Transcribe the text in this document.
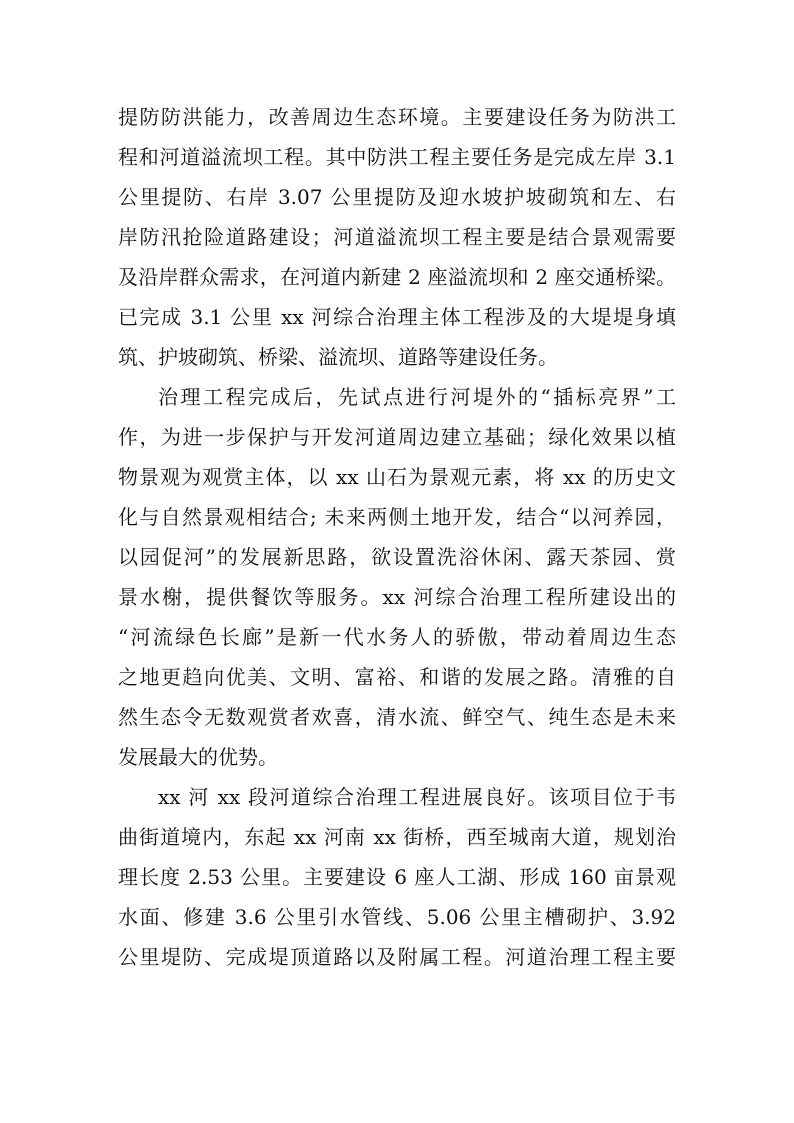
提防防洪能力，改善周边生态环境。主要建设任务为防洪工
程和河道溢流坝工程。其中防洪工程主要任务是完成左岸 3.1
公里提防、右岸 3.07 公里提防及迎水坡护坡砌筑和左、右
岸防汛抢险道路建设；河道溢流坝工程主要是结合景观需要
及沿岸群众需求，在河道内新建 2 座溢流坝和 2 座交通桥梁。
已完成 3.1 公里 xx 河综合治理主体工程涉及的大堤堤身填
筑、护坡砌筑、桥梁、溢流坝、道路等建设任务。
治理工程完成后，先试点进行河堤外的“插标亮界”工
作，为进一步保护与开发河道周边建立基础；绿化效果以植
物景观为观赏主体，以 xx 山石为景观元素，将 xx 的历史文
化与自然景观相结合; 未来两侧土地开发，结合“以河养园，
以园促河”的发展新思路，欲设置洗浴休闲、露天茶园、赏
景水榭，提供餐饮等服务。xx 河综合治理工程所建设出的
“河流绿色长廊”是新一代水务人的骄傲，带动着周边生态
之地更趋向优美、文明、富裕、和谐的发展之路。清雅的自
然生态令无数观赏者欢喜，清水流、鲜空气、纯生态是未来
发展最大的优势。
xx 河 xx 段河道综合治理工程进展良好。该项目位于韦
曲街道境内，东起 xx 河南 xx 街桥，西至城南大道，规划治
理长度 2.53 公里。主要建设 6 座人工湖、形成 160 亩景观
水面、修建 3.6 公里引水管线、5.06 公里主槽砌护、3.92
公里堤防、完成堤顶道路以及附属工程。河道治理工程主要
